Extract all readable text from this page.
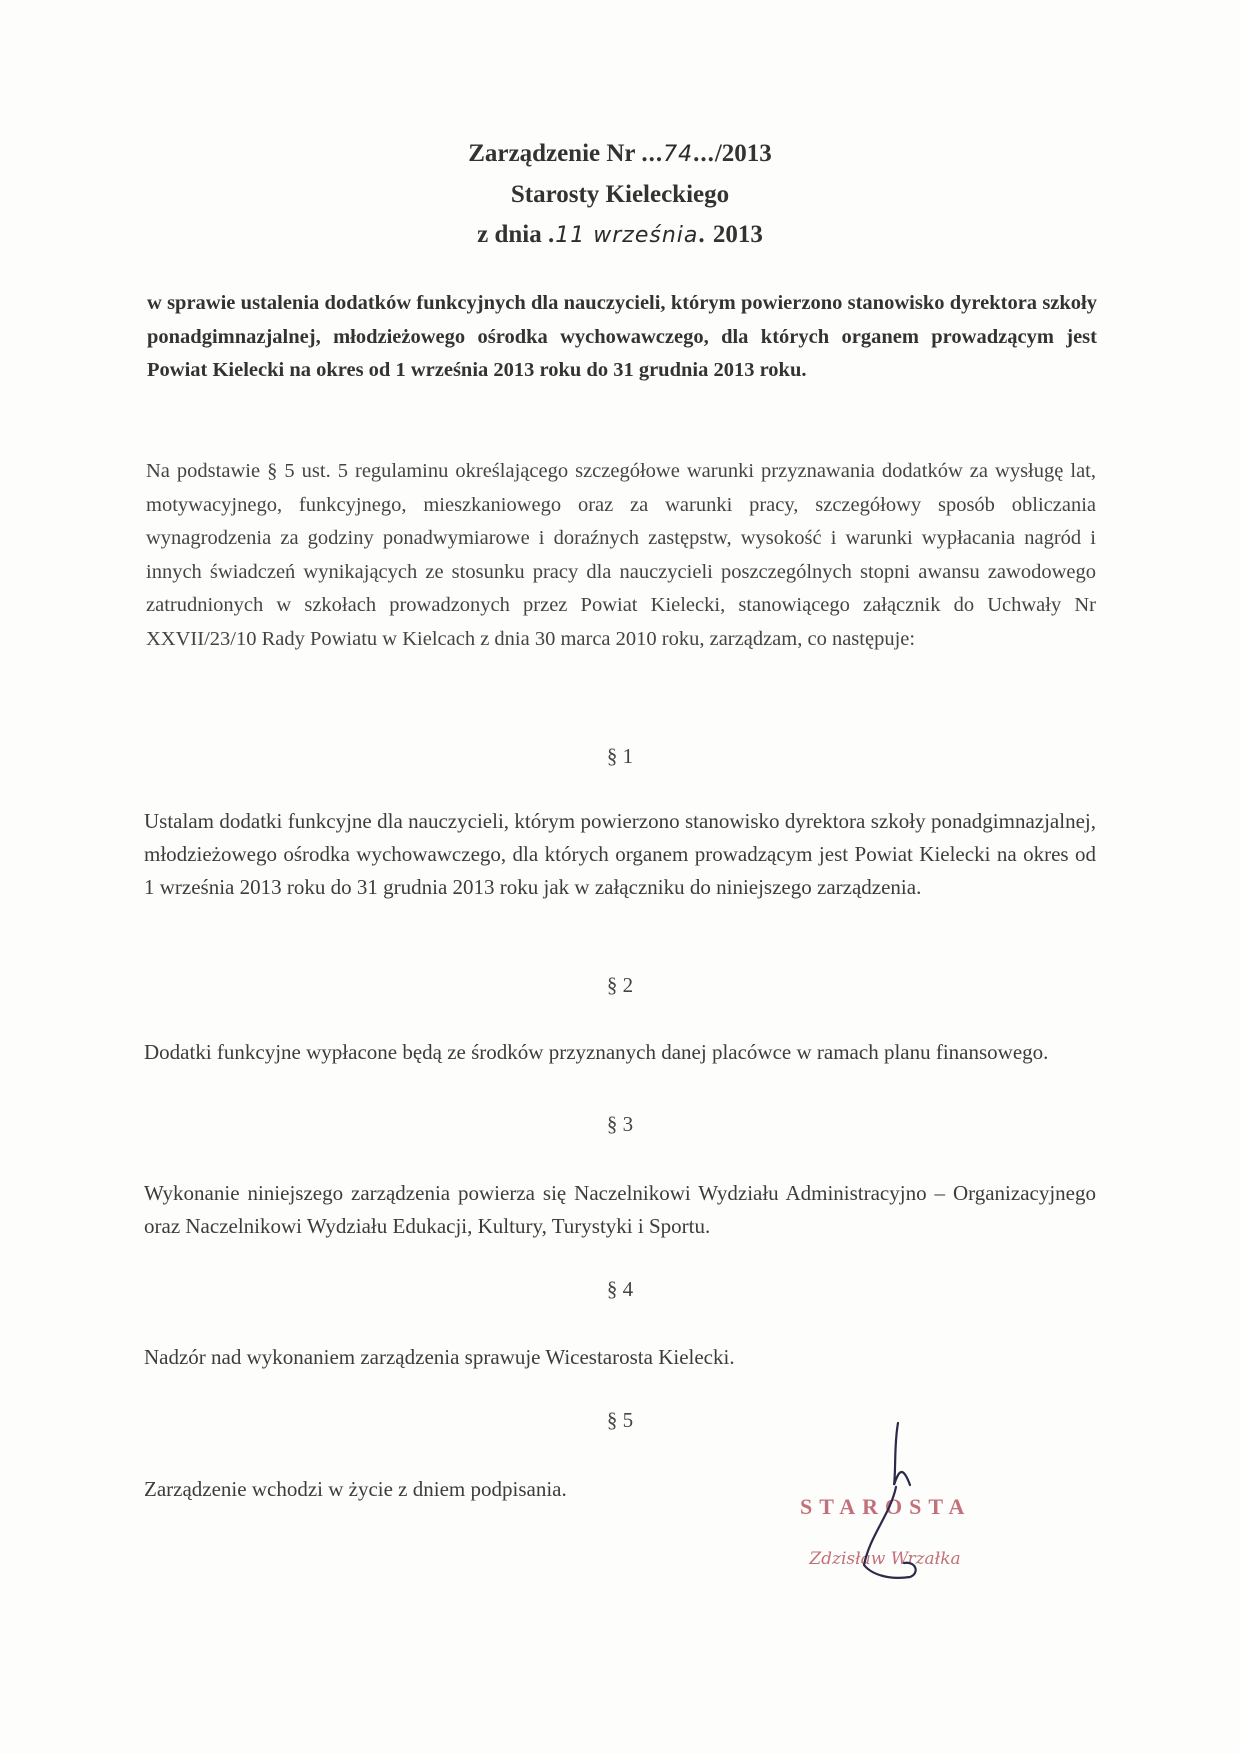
Zarządzenie Nr ...74.../2013
Starosty Kieleckiego
z dnia .11 września. 2013
w sprawie ustalenia dodatków funkcyjnych dla nauczycieli, którym powierzono stanowisko dyrektora szkoły ponadgimnazjalnej, młodzieżowego ośrodka wychowawczego, dla których organem prowadzącym jest Powiat Kielecki na okres od 1 września 2013 roku do 31 grudnia 2013 roku.
Na podstawie § 5 ust. 5 regulaminu określającego szczegółowe warunki przyznawania dodatków za wysługę lat, motywacyjnego, funkcyjnego, mieszkaniowego oraz za warunki pracy, szczegółowy sposób obliczania wynagrodzenia za godziny ponadwymiarowe i doraźnych zastępstw, wysokość i warunki wypłacania nagród i innych świadczeń wynikających ze stosunku pracy dla nauczycieli poszczególnych stopni awansu zawodowego zatrudnionych w szkołach prowadzonych przez Powiat Kielecki, stanowiącego załącznik do Uchwały Nr XXVII/23/10 Rady Powiatu w Kielcach z dnia 30 marca 2010 roku, zarządzam, co następuje:
§ 1
Ustalam dodatki funkcyjne dla nauczycieli, którym powierzono stanowisko dyrektora szkoły ponadgimnazjalnej, młodzieżowego ośrodka wychowawczego, dla których organem prowadzącym jest Powiat Kielecki na okres od 1 września 2013 roku do 31 grudnia 2013 roku jak w załączniku do niniejszego zarządzenia.
§ 2
Dodatki funkcyjne wypłacone będą ze środków przyznanych danej placówce w ramach planu finansowego.
§ 3
Wykonanie niniejszego zarządzenia powierza się Naczelnikowi Wydziału Administracyjno – Organizacyjnego oraz Naczelnikowi Wydziału Edukacji, Kultury, Turystyki i Sportu.
§ 4
Nadzór nad wykonaniem zarządzenia sprawuje Wicestarosta Kielecki.
§ 5
Zarządzenie wchodzi w życie z dniem podpisania.
STAROSTA
Zdzisław Wrzałka
